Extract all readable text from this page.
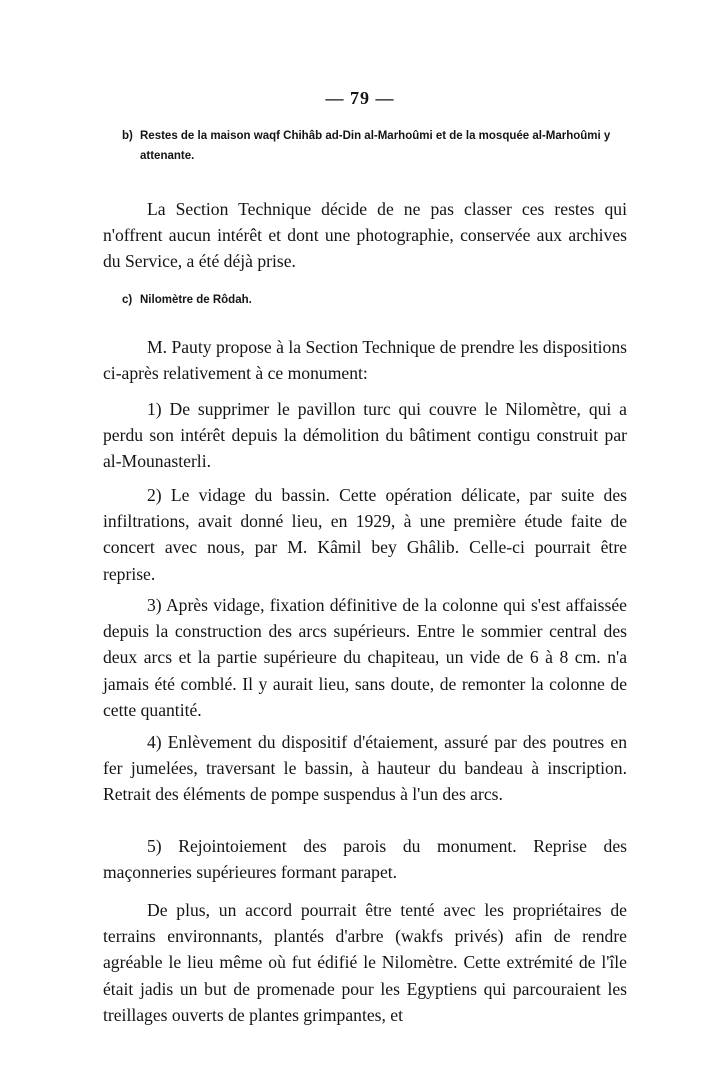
— 79 —
b) Restes de la maison waqf Chihâb ad-Din al-Marhoûmi et de la mosquée al-Marhoûmi y attenante.

La Section Technique décide de ne pas classer ces restes qui n'offrent aucun intérêt et dont une photographie, conservée aux archives du Service, a été déjà prise.

c) Nilomètre de Rôdah.

M. Pauty propose à la Section Technique de prendre les dispositions ci-après relativement à ce monument:

1) De supprimer le pavillon turc qui couvre le Nilomètre, qui a perdu son intérêt depuis la démolition du bâtiment contigu construit par al-Mounasterli.

2) Le vidage du bassin. Cette opération délicate, par suite des infiltrations, avait donné lieu, en 1929, à une première étude faite de concert avec nous, par M. Kâmil bey Ghâlib. Celle-ci pourrait être reprise.

3) Après vidage, fixation définitive de la colonne qui s'est affaissée depuis la construction des arcs supérieurs. Entre le sommier central des deux arcs et la partie supérieure du chapiteau, un vide de 6 à 8 cm. n'a jamais été comblé. Il y aurait lieu, sans doute, de remonter la colonne de cette quantité.

4) Enlèvement du dispositif d'étaiement, assuré par des poutres en fer jumelées, traversant le bassin, à hauteur du bandeau à inscription. Retrait des éléments de pompe suspendus à l'un des arcs.

5) Rejointoiement des parois du monument. Reprise des maçonneries supérieures formant parapet.

De plus, un accord pourrait être tenté avec les propriétaires de terrains environnants, plantés d'arbre (wakfs privés) afin de rendre agréable le lieu même où fut édifié le Nilomètre. Cette extrémité de l'île était jadis un but de promenade pour les Egyptiens qui parcouraient les treillages ouverts de plantes grimpantes, et
